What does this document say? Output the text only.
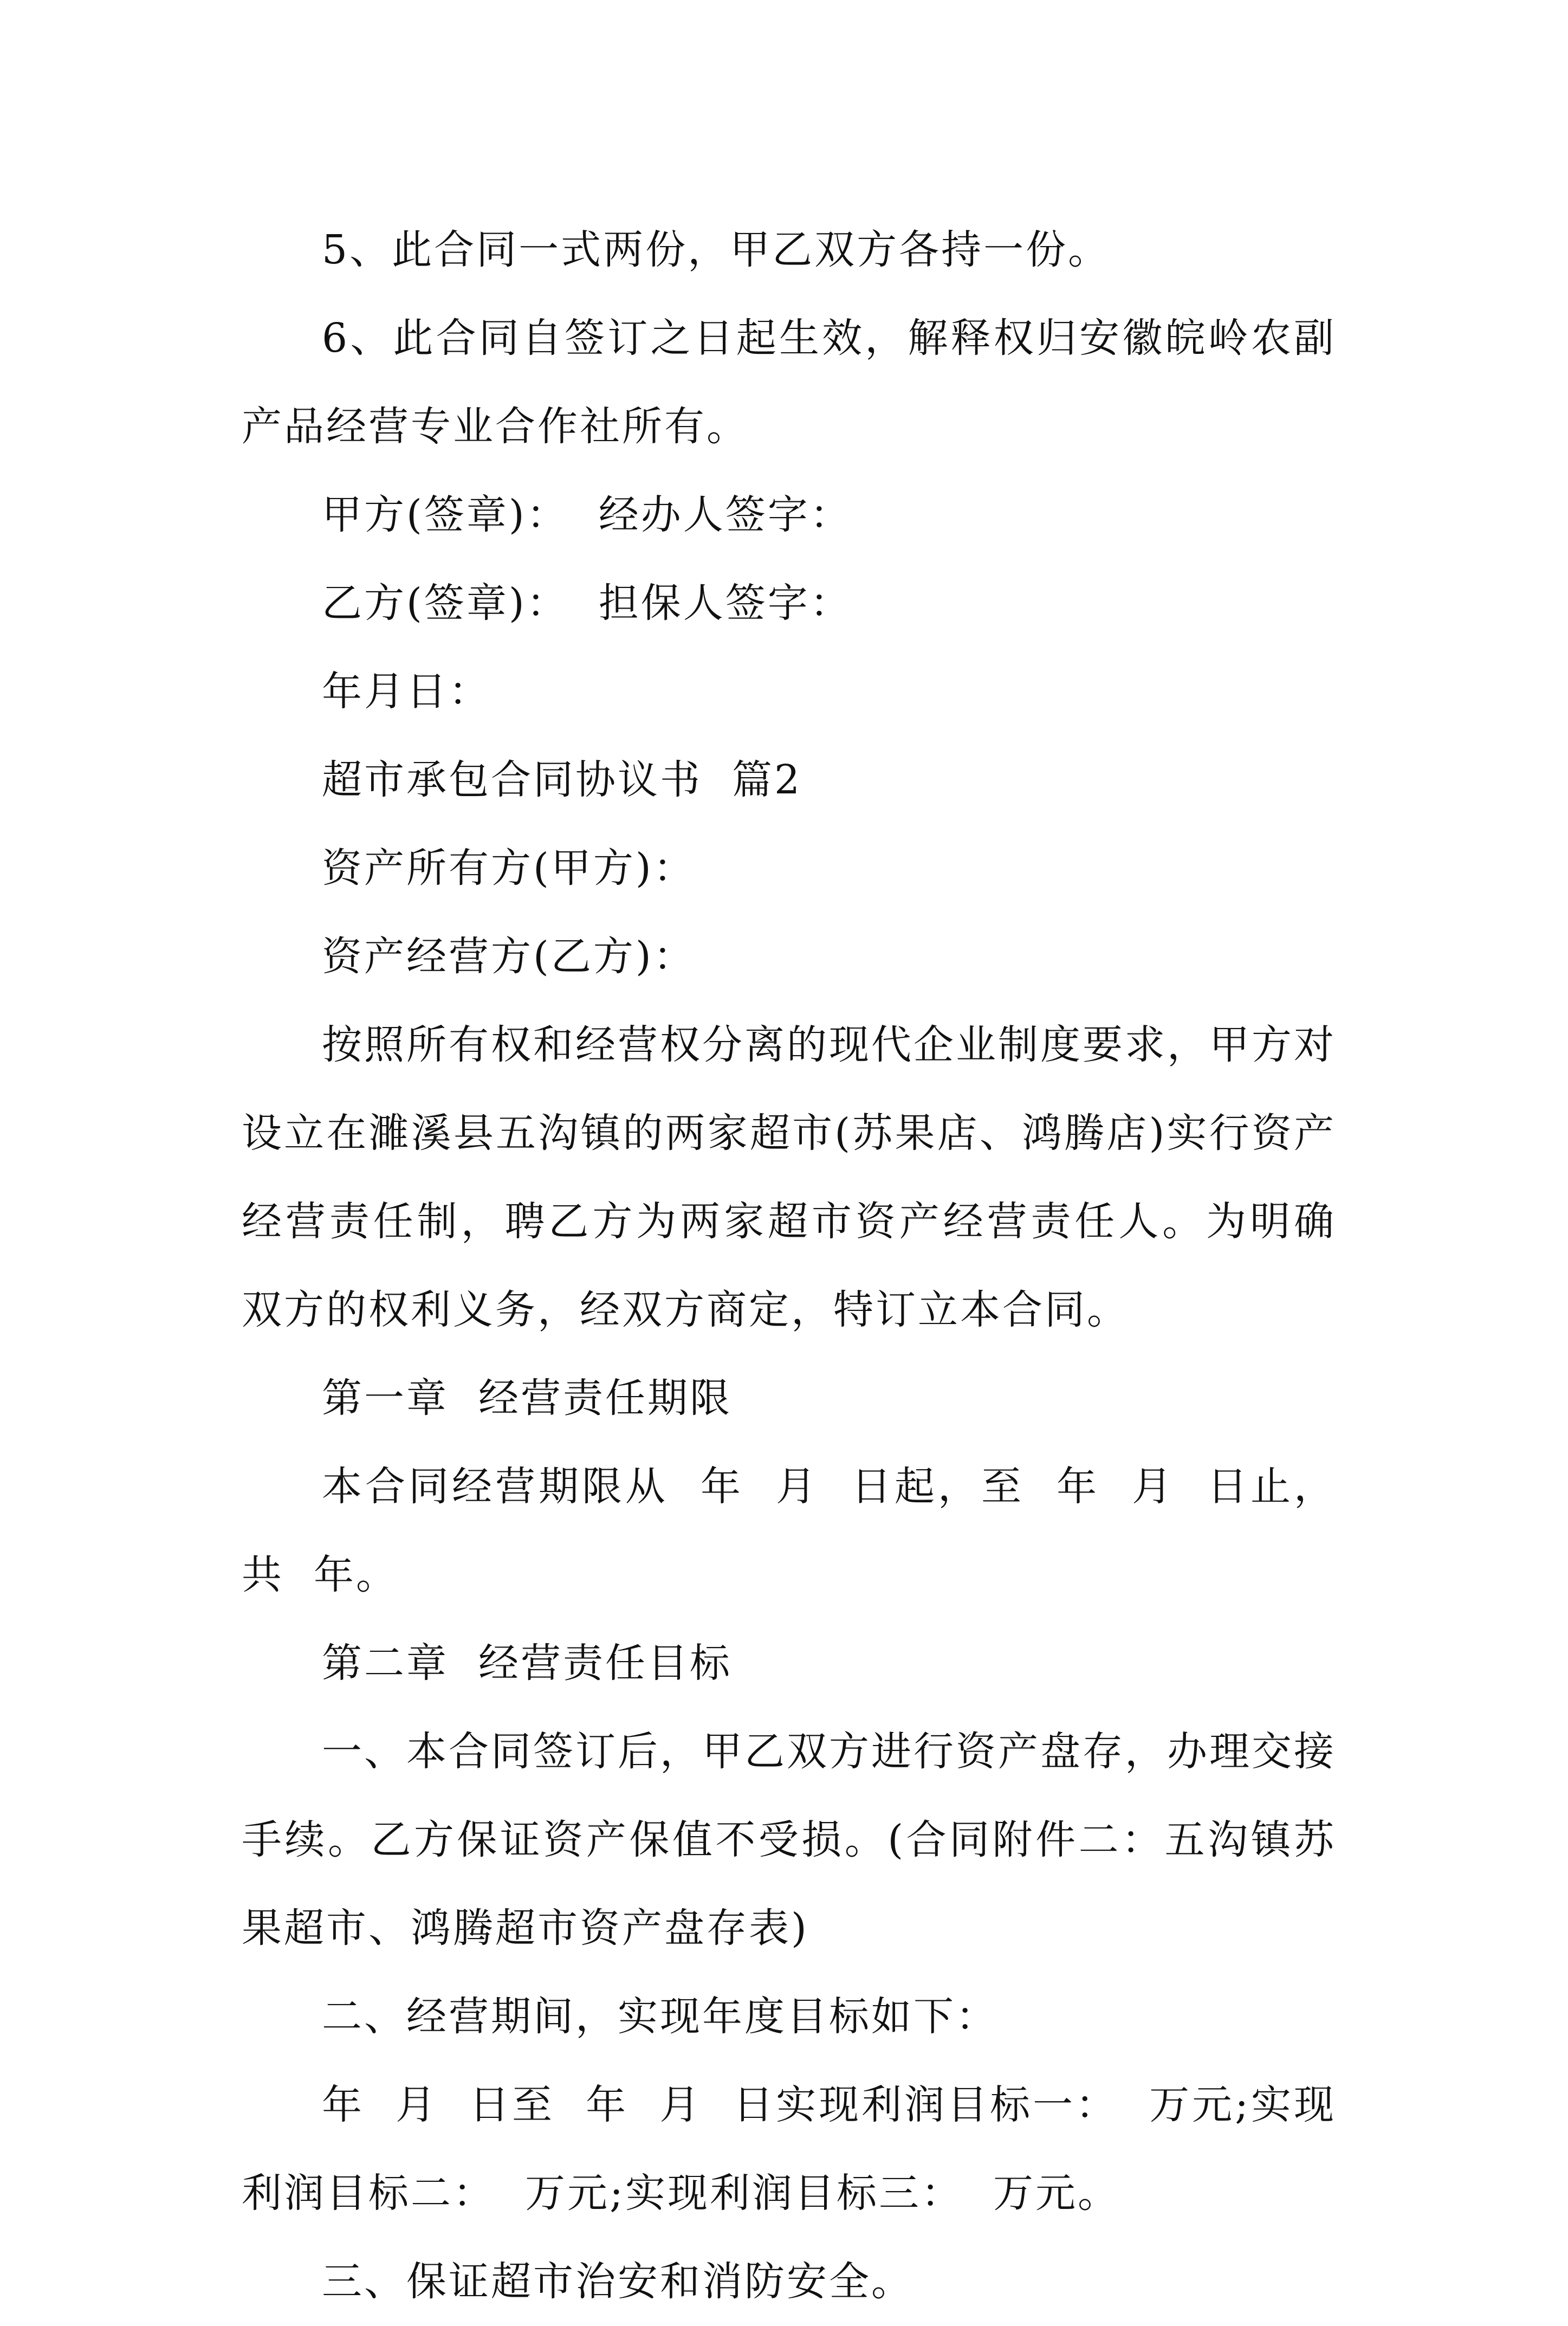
5、此合同一式两份，甲乙双方各持一份。

6、此合同自签订之日起生效，解释权归安徽皖岭农副产品经营专业合作社所有。

甲方(签章)：  经办人签字：

乙方(签章)：  担保人签字：

年月日：

超市承包合同协议书  篇2

资产所有方(甲方)：

资产经营方(乙方)：

按照所有权和经营权分离的现代企业制度要求，甲方对设立在濉溪县五沟镇的两家超市(苏果店、鸿腾店)实行资产经营责任制，聘乙方为两家超市资产经营责任人。为明确双方的权利义务，经双方商定，特订立本合同。

第一章  经营责任期限

本合同经营期限从  年  月  日起，至  年  月  日止，共  年。

第二章  经营责任目标

一、本合同签订后，甲乙双方进行资产盘存，办理交接手续。乙方保证资产保值不受损。(合同附件二：五沟镇苏果超市、鸿腾超市资产盘存表)

二、经营期间，实现年度目标如下：

年  月  日至  年  月  日实现利润目标一：  万元;实现利润目标二：  万元;实现利润目标三：  万元。

三、保证超市治安和消防安全。
